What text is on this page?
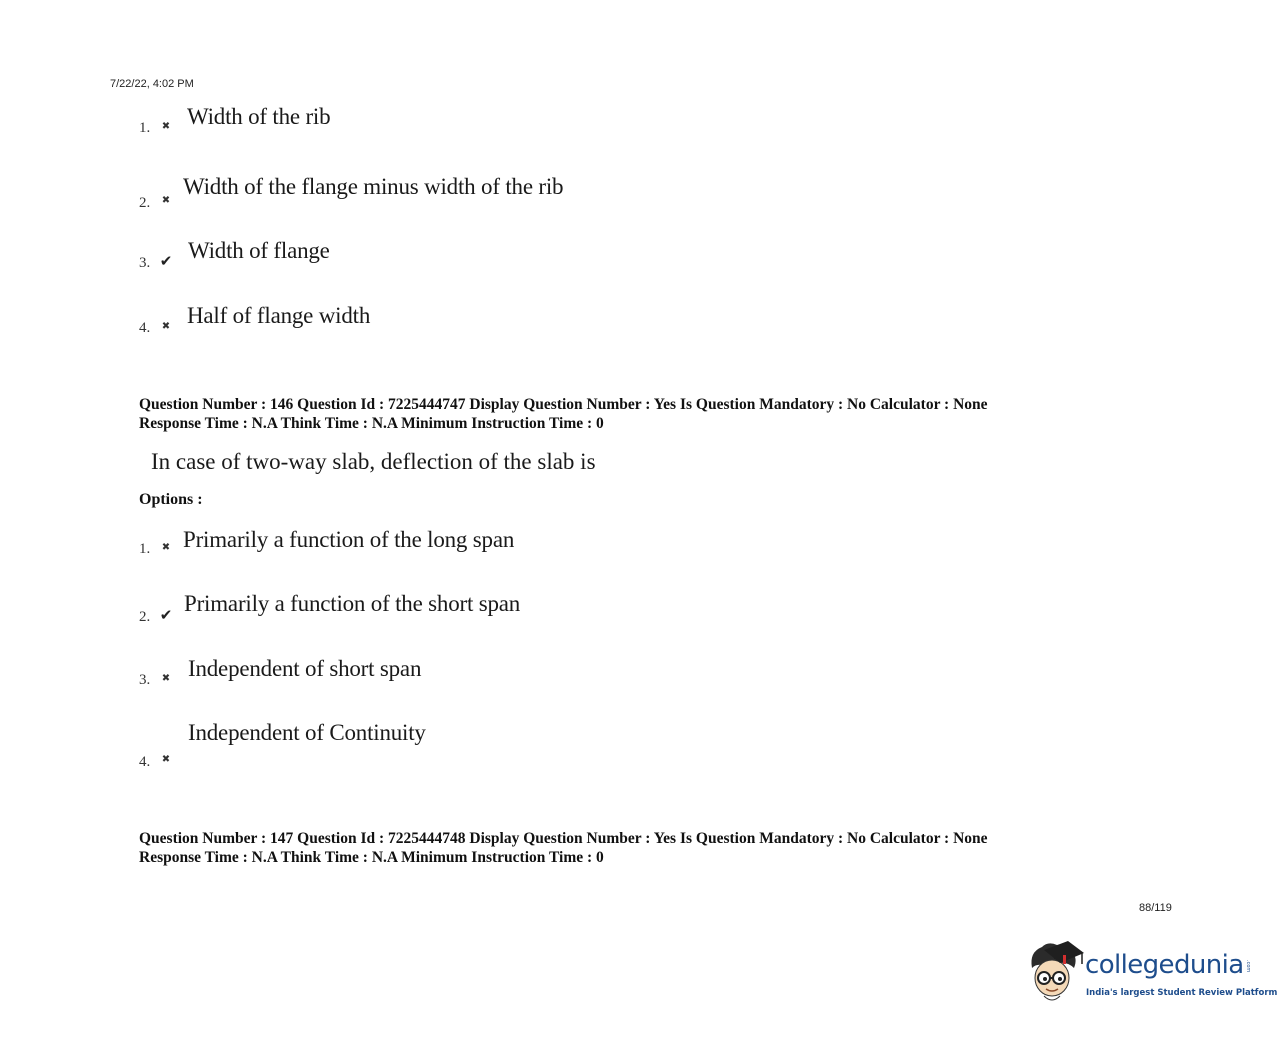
7/22/22, 4:02 PM
1. ✖ Width of the rib
2. ✖
Width of the flange minus width of the rib
3. ✔ Width of flange
4. ✖ Half of flange width
Question Number : 146 Question Id : 7225444747 Display Question Number : Yes Is Question Mandatory : No Calculator : None
Response Time : N.A Think Time : N.A Minimum Instruction Time : 0
In case of two-way slab, deflection of the slab is
Options :
1. ✖ Primarily a function of the long span
2. ✔ Primarily a function of the short span
3. ✖ Independent of short span
4. ✖
Independent of Continuity
Question Number : 147 Question Id : 7225444748 Display Question Number : Yes Is Question Mandatory : No Calculator : None
Response Time : N.A Think Time : N.A Minimum Instruction Time : 0
88/119
collegedunia .com
India's largest Student Review Platform
